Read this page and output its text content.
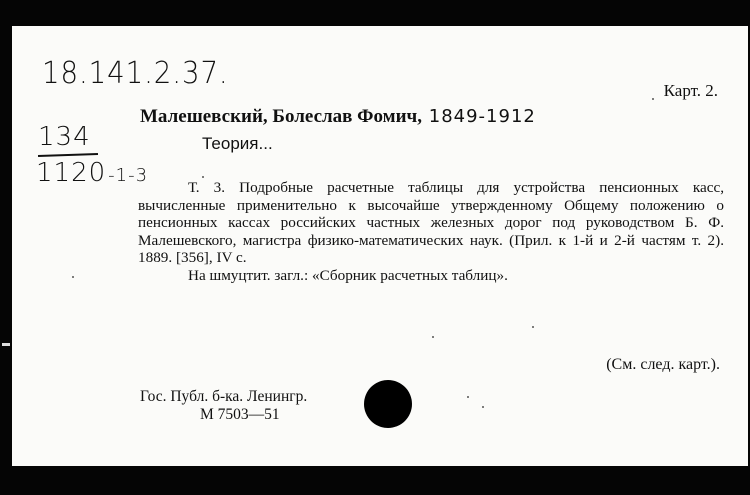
18.141.2.37.	Карт. 2.
134
1120 -1-3
Малешевский, Болеслав Фомич, 1849-1912
Теория...

Т. 3. Подробные расчетные таблицы для устройства пенсионных касс, вычисленные применительно к высочайше утвержденному Общему положению о пенсионных кассах российских частных железных дорог под руководством Б. Ф. Малешевского, магистра физико-математических наук. (Прил. к 1-й и 2-й частям т. 2). 1889. [356], IV с.

На шмуцтит. загл.: «Сборник расчетных таблиц».

(См. след. карт.).
Гос. Публ. б-ка. Ленингр.
М 7503—51
